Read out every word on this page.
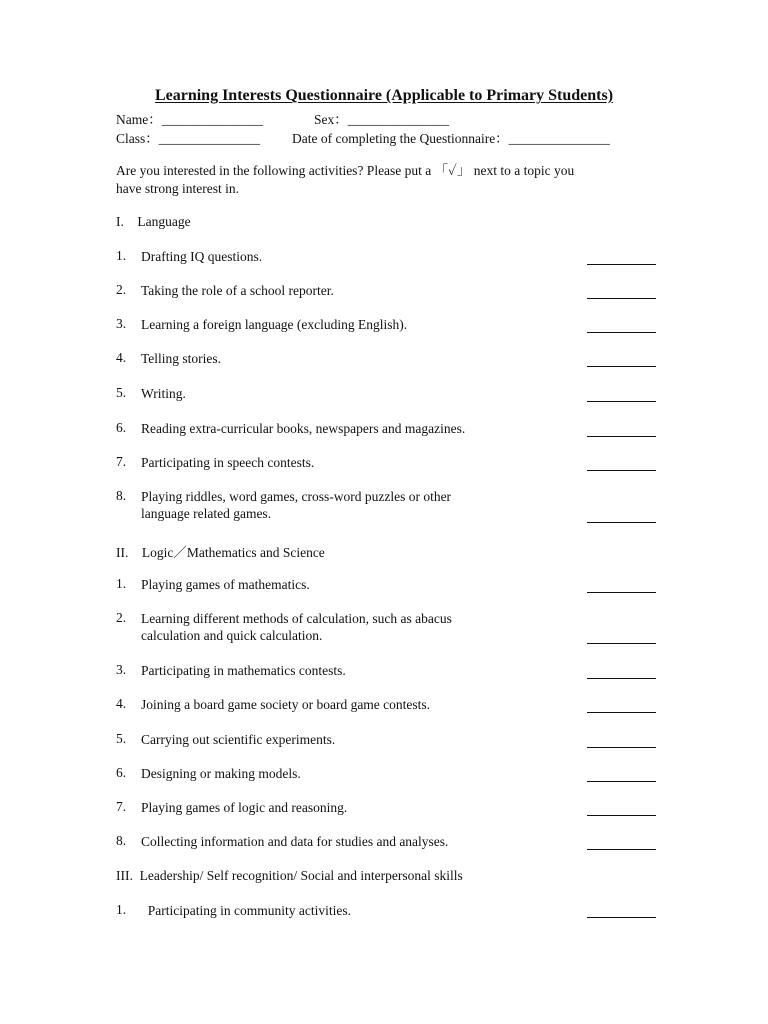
Learning Interests Questionnaire (Applicable to Primary Students)
Name：_______________	Sex：_______________
Class：_______________ Date of completing the Questionnaire：_______________
Are you interested in the following activities? Please put a 「✓」 next to a topic you
have strong interest in.
I. Language
1. Drafting IQ questions.
2. Taking the role of a school reporter.
3. Learning a foreign language (excluding English).
4. Telling stories.
5. Writing.
6. Reading extra-curricular books, newspapers and magazines.
7. Participating in speech contests.
8. Playing riddles, word games, cross-word puzzles or other
language related games.
II. Logic／Mathematics and Science
1. Playing games of mathematics.
2. Learning different methods of calculation, such as abacus
calculation and quick calculation.
3. Participating in mathematics contests.
4. Joining a board game society or board game contests.
5. Carrying out scientific experiments.
6. Designing or making models.
7. Playing games of logic and reasoning.
8. Collecting information and data for studies and analyses.
III. Leadership/ Self recognition/ Social and interpersonal skills
1.  Participating in community activities.
